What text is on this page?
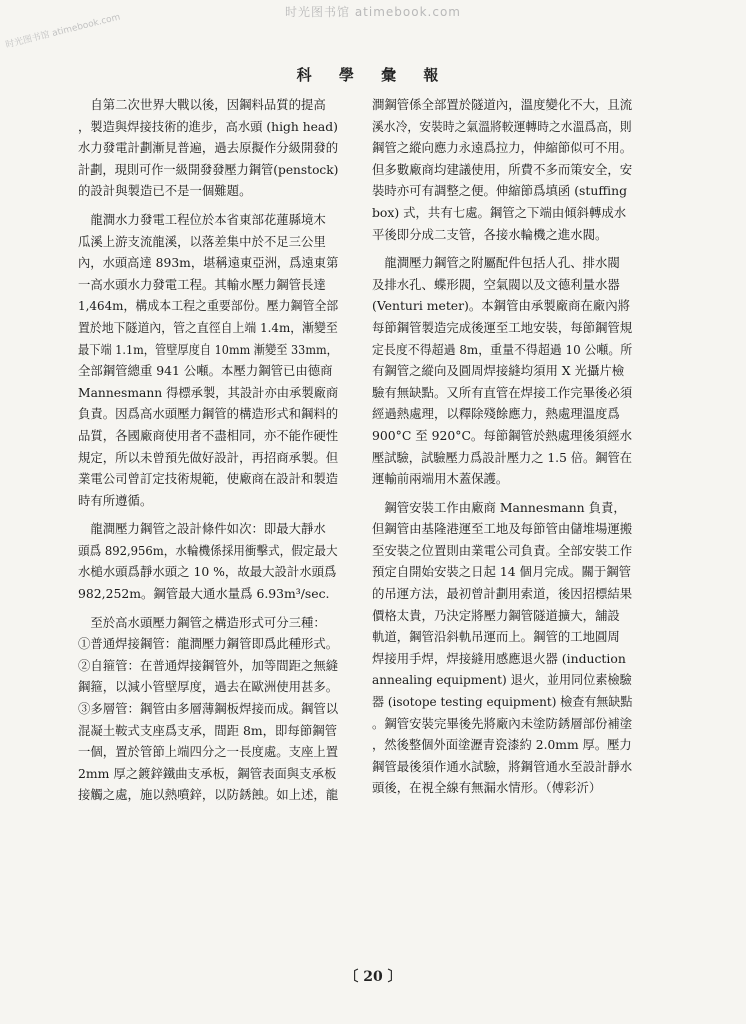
时光图书馆 atimebook.com
时光图书馆 atimebook.com
科 學 彙 報

　自第二次世界大戰以後，因鋼料品質的提高

，製造與焊接技術的進步，高水頭 (high head)

水力發電計劃漸見普遍，過去原擬作分級開發的

計劃，現則可作一級開發發壓力鋼管(penstock)

的設計與製造已不是一個難題。

　龍澗水力發電工程位於本省東部花蓮縣境木

瓜溪上游支流龍溪，以落差集中於不足三公里

內，水頭高達 893m，堪稱遠東亞洲，爲遠東第

一高水頭水力發電工程。其輸水壓力鋼管長達

1,464m，構成本工程之重要部份。壓力鋼管全部

置於地下隧道內，管之直徑自上端 1.4m，漸變至

最下端 1.1m，管壁厚度自 10mm 漸變至 33mm，

全部鋼管總重 941 公噸。本壓力鋼管已由德商

Mannesmann 得標承製，其設計亦由承製廠商

負責。因爲高水頭壓力鋼管的構造形式和鋼料的

品質，各國廠商使用者不盡相同，亦不能作硬性

規定，所以未曾預先做好設計，再招商承製。但

業電公司曾訂定技術規範，使廠商在設計和製造

時有所遵循。

　龍澗壓力鋼管之設計條件如次：即最大靜水

頭爲 892,956m，水輪機係採用衝擊式，假定最大

水槌水頭爲靜水頭之 10 %，故最大設計水頭爲

982,252m。鋼管最大通水量爲 6.93m³/sec.

　至於高水頭壓力鋼管之構造形式可分三種：

①普通焊接鋼管：龍澗壓力鋼管即爲此種形式。

②自箍管：在普通焊接鋼管外，加等間距之無縫

鋼箍，以減小管壁厚度，過去在歐洲使用甚多。

③多層管：鋼管由多層薄鋼板焊接而成。鋼管以

混凝土鞍式支座爲支承，間距 8m，即每節鋼管

一個，置於管節上端四分之一長度處。支座上置

2mm 厚之鍍鋅鐵曲支承板，鋼管表面與支承板

接觸之處，施以熱噴鋅，以防銹蝕。如上述，龍

澗鋼管係全部置於隧道內，溫度變化不大，且流

溪水冷，安裝時之氣溫將較運轉時之水溫爲高，則

鋼管之縱向應力永遠爲拉力，伸縮節似可不用。

但多數廠商均建議使用，所費不多而策安全，安

裝時亦可有調整之便。伸縮節爲填函 (stuffing

box) 式，共有七處。鋼管之下端由傾斜轉成水

平後即分成二支管，各接水輪機之進水閥。

　龍澗壓力鋼管之附屬配件包括人孔、排水閥

及排水孔、蝶形閥，空氣閥以及文德利量水器

(Venturi meter)。本鋼管由承製廠商在廠內將

每節鋼管製造完成後運至工地安裝，每節鋼管規

定長度不得超過 8m，重量不得超過 10 公噸。所

有鋼管之縱向及圓周焊接縫均須用 X 光攝片檢

驗有無缺點。又所有直管在焊接工作完畢後必須

經過熱處理，以釋除殘餘應力，熱處理溫度爲

900°C 至 920°C。每節鋼管於熱處理後須經水

壓試驗，試驗壓力爲設計壓力之 1.5 倍。鋼管在

運輸前兩端用木蓋保護。

　鋼管安裝工作由廠商 Mannesmann 負責，

但鋼管由基隆港運至工地及每節管由儲堆場運搬

至安裝之位置則由業電公司負責。全部安裝工作

預定自開始安裝之日起 14 個月完成。關于鋼管

的吊運方法，最初曾計劃用索道，後因招標結果

價格太貴，乃決定將壓力鋼管隧道擴大，舖設

軌道，鋼管沿斜軌吊運而上。鋼管的工地圓周

焊接用手焊，焊接縫用感應退火器 (induction

annealing equipment) 退火，並用同位素檢驗

器 (isotope testing equipment) 檢查有無缺點

。鋼管安裝完畢後先將廠內未塗防銹層部份補塗

，然後整個外面塗瀝青瓷漆約 2.0mm 厚。壓力

鋼管最後須作通水試驗，將鋼管通水至設計靜水

頭後，在視全線有無漏水情形。（傅彩沂）

〔 20 〕
